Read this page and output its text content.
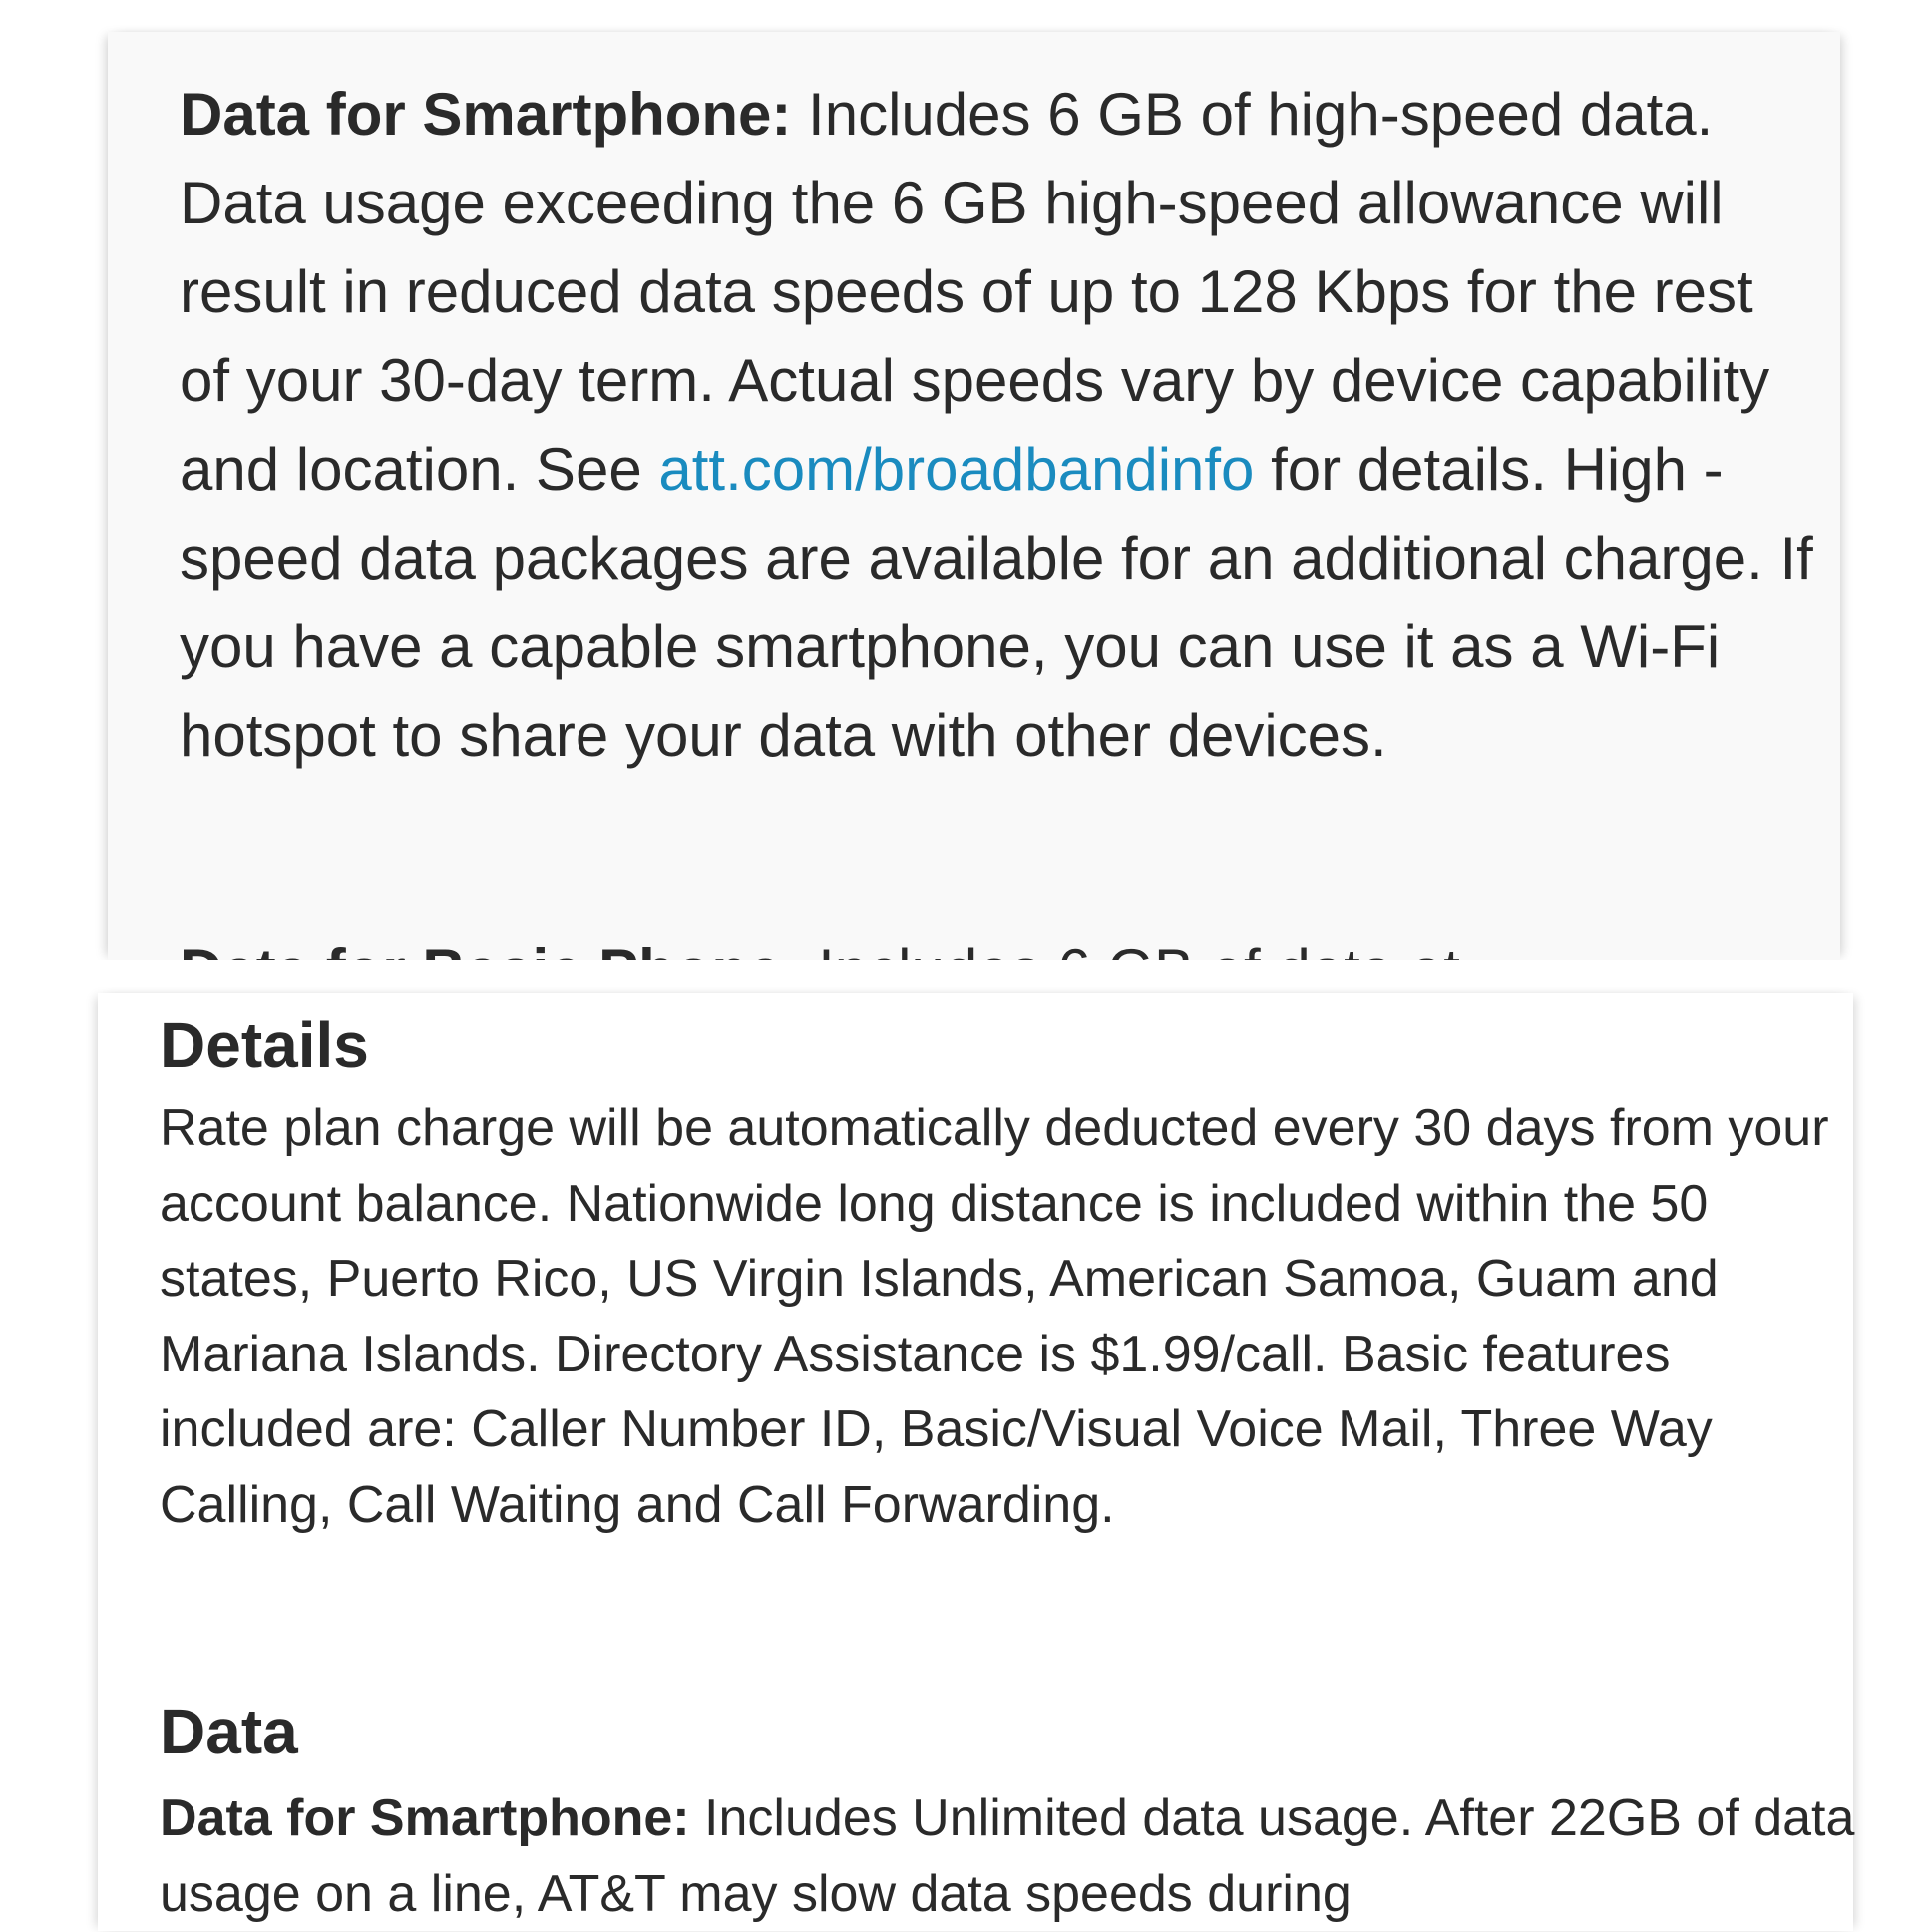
Data for Smartphone: Includes 6 GB of high-speed data. Data usage exceeding the 6 GB high-speed allowance will result in reduced data speeds of up to 128 Kbps for the rest of your 30-day term. Actual speeds vary by device capability and location. See att.com/broadbandinfo for details. High - speed data packages are available for an additional charge. If you have a capable smartphone, you can use it as a Wi-Fi hotspot to share your data with other devices.

Details

Rate plan charge will be automatically deducted every 30 days from your account balance. Nationwide long distance is included within the 50 states, Puerto Rico, US Virgin Islands, American Samoa, Guam and Mariana Islands. Directory Assistance is $1.99/call. Basic features included are: Caller Number ID, Basic/Visual Voice Mail, Three Way Calling, Call Waiting and Call Forwarding.

Data

Data for Smartphone: Includes Unlimited data usage. After 22GB of data usage on a line, AT&T may slow data speeds during
